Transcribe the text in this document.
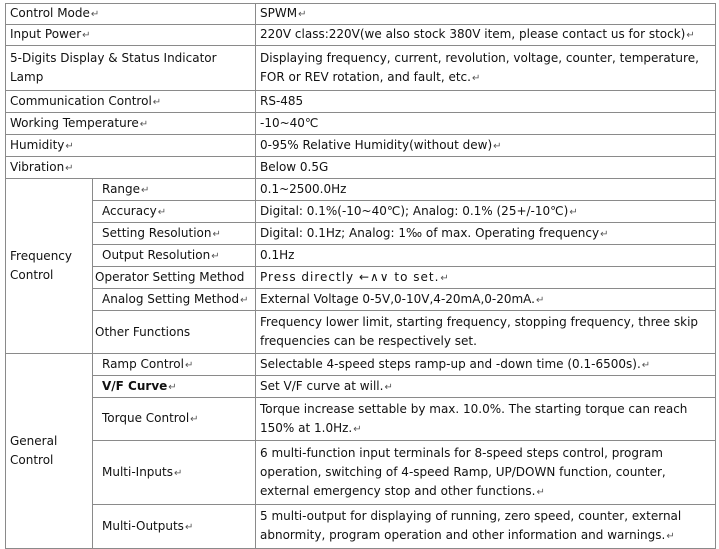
Control Mode↵		SPWM↵
Input Power↵		220V class:220V(we also stock 380V item, please contact us for stock)↵
5-Digits Display & Status Indicator Lamp		Displaying frequency, current, revolution, voltage, counter, temperature, FOR or REV rotation, and fault, etc.↵
Communication Control↵		RS-485
Working Temperature↵		-10~40℃
Humidity↵		0-95% Relative Humidity(without dew)↵
Vibration↵		Below 0.5G
Frequency Control	Range↵	0.1~2500.0Hz
	Accuracy↵	Digital: 0.1%(-10~40℃); Analog: 0.1% (25+/-10℃)↵
	Setting Resolution↵	Digital: 0.1Hz; Analog: 1‰ of max. Operating frequency↵
	Output Resolution↵	0.1Hz
	Operator Setting Method	Press directly ←∧∨ to set.↵
	Analog Setting Method↵	External Voltage 0-5V,0-10V,4-20mA,0-20mA.↵
	Other Functions	Frequency lower limit, starting frequency, stopping frequency, three skip frequencies can be respectively set.
General Control	Ramp Control↵	Selectable 4-speed steps ramp-up and -down time (0.1-6500s).↵
	V/F Curve↵	Set V/F curve at will.↵
	Torque Control↵	Torque increase settable by max. 10.0%. The starting torque can reach 150% at 1.0Hz.↵
	Multi-Inputs↵	6 multi-function input terminals for 8-speed steps control, program operation, switching of 4-speed Ramp, UP/DOWN function, counter, external emergency stop and other functions.↵
	Multi-Outputs↵	5 multi-output for displaying of running, zero speed, counter, external abnormity, program operation and other information and warnings.↵
